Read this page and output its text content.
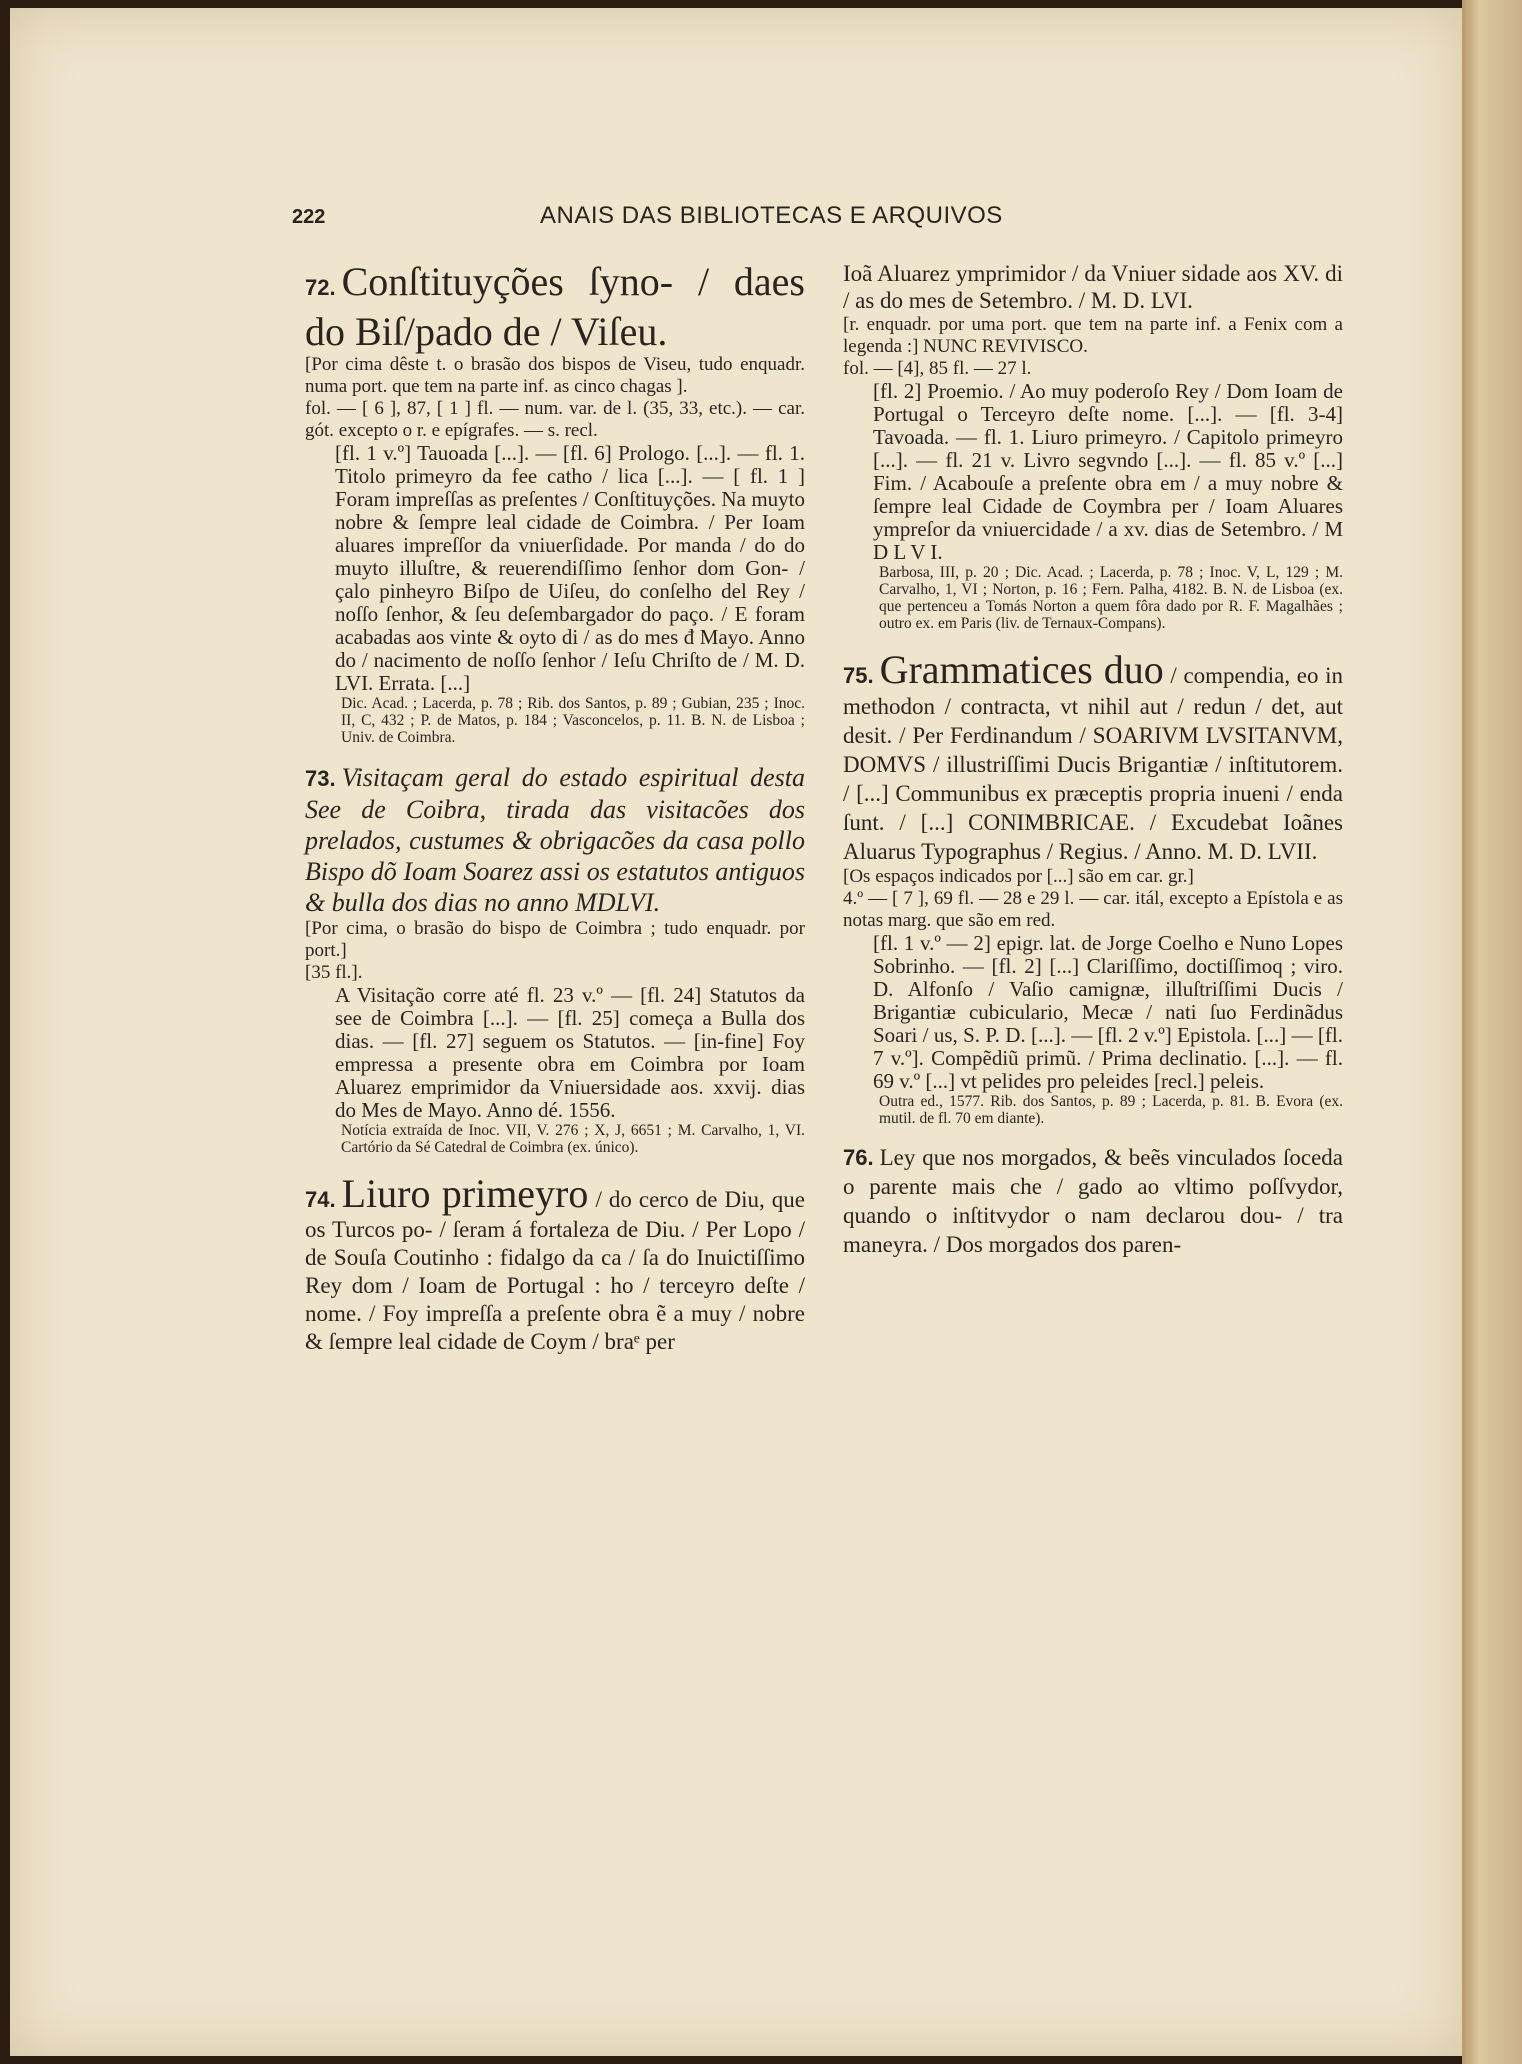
222	ANAIS DAS BIBLIOTECAS E ARQUIVOS

72. Conſtituyções ſyno- / daes do Biſ/pado de / Viſeu.

[Por cima dêste t. o brasão dos bispos de Viseu, tudo enquadr. numa port. que tem na parte inf. as cinco chagas ].

fol. — [ 6 ], 87, [ 1 ] fl. — num. var. de l. (35, 33, etc.). — car. gót. excepto o r. e epígrafes. — s. recl.

[fl. 1 v.º] Tauoada [...]. — [fl. 6] Prologo. [...]. — fl. 1. Titolo primeyro da fee catho / lica [...]. — [ fl. 1 ] Foram impreſſas as preſentes / Conſtituyções. Na muyto nobre & ſempre leal cidade de Coimbra. / Per Ioam aluares impreſſor da vniuerſidade. Por manda / do do muyto illuſtre, & reuerendiſſimo ſenhor dom Gon- / çalo pinheyro Biſpo de Uiſeu, do conſelho del Rey / noſſo ſenhor, & ſeu deſembargador do paço. / E foram acabadas aos vinte & oyto di / as do mes đ Mayo. Anno do / nacimento de noſſo ſenhor / Ieſu Chriſto de / M. D. LVI. Errata. [...]

Dic. Acad. ; Lacerda, p. 78 ; Rib. dos Santos, p. 89 ; Gubian, 235 ; Inoc. II, C, 432 ; P. de Matos, p. 184 ; Vasconcelos, p. 11. B. N. de Lisboa ; Univ. de Coimbra.

73. Visitaçam geral do estado espiritual desta See de Coibra, tirada das visitacões dos prelados, custumes & obrigacões da casa pollo Bispo dõ Ioam Soarez assi os estatutos antiguos & bulla dos dias no anno MDLVI.

[Por cima, o brasão do bispo de Coimbra ; tudo enquadr. por port.]

[35 fl.].

A Visitação corre até fl. 23 v.º — [fl. 24] Statutos da see de Coimbra [...]. — [fl. 25] começa a Bulla dos dias. — [fl. 27] seguem os Statutos. — [in-fine] Foy empressa a presente obra em Coimbra por Ioam Aluarez emprimidor da Vniuersidade aos. xxvij. dias do Mes de Mayo. Anno dé. 1556.

Notícia extraída de Inoc. VII, V. 276 ; X, J, 6651 ; M. Carvalho, 1, VI. Cartório da Sé Catedral de Coimbra (ex. único).

74. Liuro primeyro / do cerco de Diu, que os Turcos po- / ſeram á fortaleza de Diu. / Per Lopo / de Souſa Coutinho : fidalgo da ca / ſa do Inuictiſſimo Rey dom / Ioam de Portugal : ho / terceyro deſte / nome. / Foy impreſſa a preſente obra ẽ a muy / nobre & ſempre leal cidade de Coym / braᵉ per

Ioã Aluarez ymprimidor / da Vniuer sidade aos XV. di / as do mes de Setembro. / M. D. LVI.

[r. enquadr. por uma port. que tem na parte inf. a Fenix com a legenda :] NUNC REVIVISCO.

fol. — [4], 85 fl. — 27 l.

[fl. 2] Proemio. / Ao muy poderoſo Rey / Dom Ioam de Portugal o Terceyro deſte nome. [...]. — [fl. 3-4] Tavoada. — fl. 1. Liuro primeyro. / Capitolo primeyro [...]. — fl. 21 v. Livro segvndo [...]. — fl. 85 v.º [...] Fim. / Acabouſe a preſente obra em / a muy nobre & ſempre leal Cidade de Coymbra per / Ioam Aluares ympreſor da vniuercidade / a xv. dias de Setembro. / M D L V I.

Barbosa, III, p. 20 ; Dic. Acad. ; Lacerda, p. 78 ; Inoc. V, L, 129 ; M. Carvalho, 1, VI ; Norton, p. 16 ; Fern. Palha, 4182. B. N. de Lisboa (ex. que pertenceu a Tomás Norton a quem fôra dado por R. F. Magalhães ; outro ex. em Paris (liv. de Ternaux-Compans).

75. Grammatices duo / compendia, eo in methodon / contracta, vt nihil aut / redun / det, aut desit. / Per Ferdinandum / SOARIVM LVSITANVM, DOMVS / illustriſſimi Ducis Brigantiæ / inſtitutorem. / [...] Communibus ex præceptis propria inueni / enda ſunt. / [...] CONIMBRICAE. / Excudebat Ioãnes Aluarus Typographus / Regius. / Anno. M. D. LVII.

[Os espaços indicados por [...] são em car. gr.]

4.º — [ 7 ], 69 fl. — 28 e 29 l. — car. itál, excepto a Epístola e as notas marg. que são em red.

[fl. 1 v.º — 2] epigr. lat. de Jorge Coelho e Nuno Lopes Sobrinho. — [fl. 2] [...] Clariſſimo, doctiſſimoq ; viro. D. Alfonſo / Vaſio camignæ, illuſtriſſimi Ducis / Brigantiæ cubiculario, Mecæ / nati ſuo Ferdinãdus Soari / us, S. P. D. [...]. — [fl. 2 v.º] Epistola. [...] — [fl. 7 v.º]. Compẽdiũ primũ. / Prima declinatio. [...]. — fl. 69 v.º [...] vt pelides pro peleides [recl.] peleis.

Outra ed., 1577. Rib. dos Santos, p. 89 ; Lacerda, p. 81. B. Evora (ex. mutil. de fl. 70 em diante).

76. Ley que nos morgados, & beẽs vinculados ſoceda o parente mais che / gado ao vltimo poſſvydor, quando o inſtitvydor o nam declarou dou- / tra maneyra. / Dos morgados dos paren-
